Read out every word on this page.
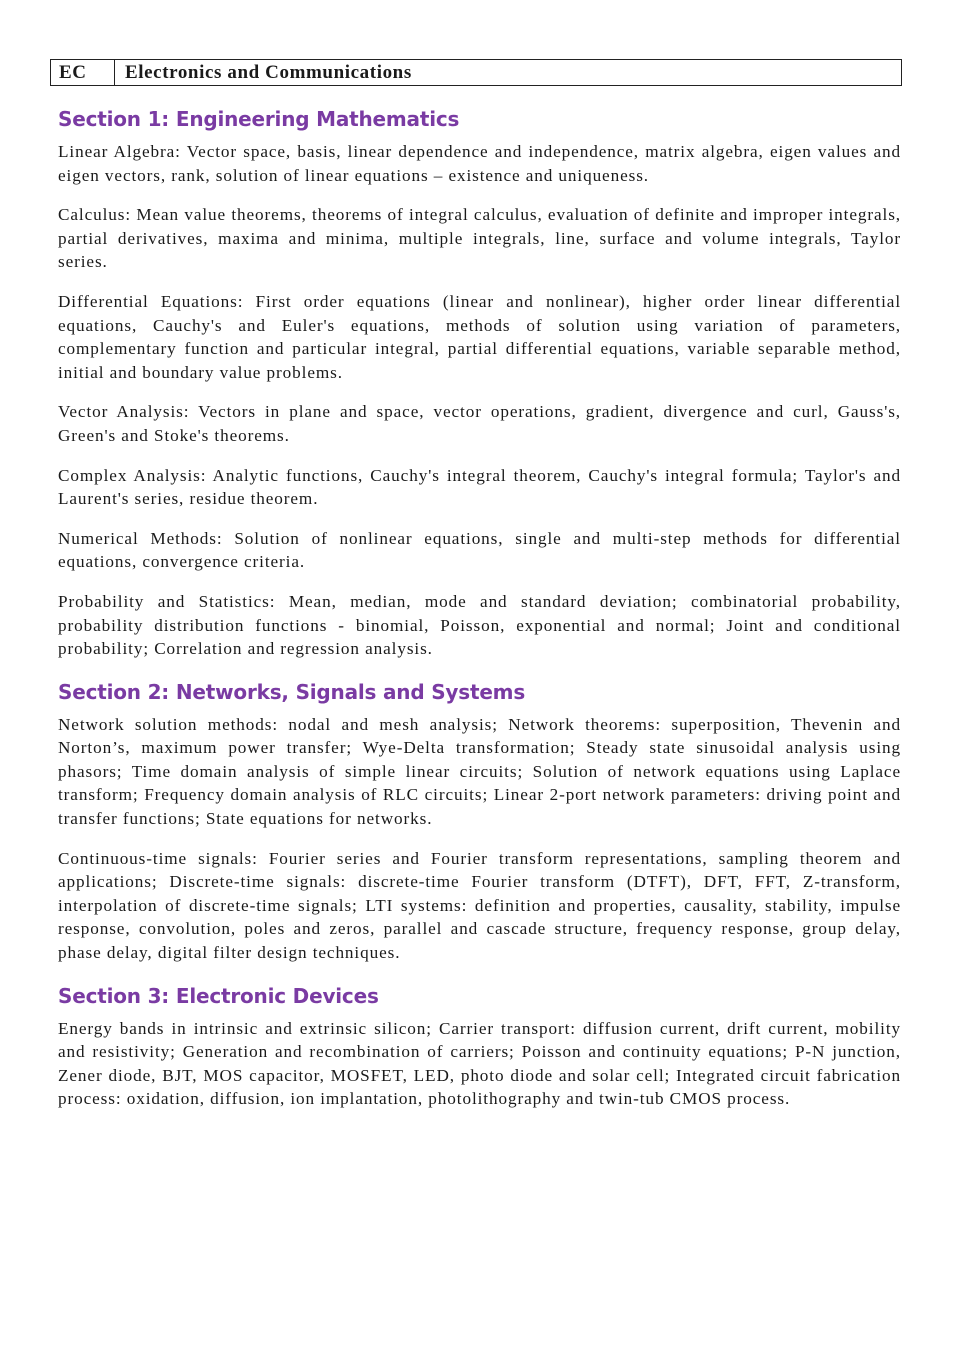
EC	Electronics and Communications
Section 1: Engineering Mathematics

Linear Algebra: Vector space, basis, linear dependence and independence, matrix algebra, eigen values and eigen vectors, rank, solution of linear equations – existence and uniqueness.

Calculus: Mean value theorems, theorems of integral calculus, evaluation of definite and improper integrals, partial derivatives, maxima and minima, multiple integrals, line, surface and volume integrals, Taylor series.

Differential Equations: First order equations (linear and nonlinear), higher order linear differential equations, Cauchy's and Euler's equations, methods of solution using variation of parameters, complementary function and particular integral, partial differential equations, variable separable method, initial and boundary value problems.

Vector Analysis: Vectors in plane and space, vector operations, gradient, divergence and curl, Gauss's, Green's and Stoke's theorems.

Complex Analysis: Analytic functions, Cauchy's integral theorem, Cauchy's integral formula; Taylor's and Laurent's series, residue theorem.

Numerical Methods: Solution of nonlinear equations, single and multi-step methods for differential equations, convergence criteria.

Probability and Statistics: Mean, median, mode and standard deviation; combinatorial probability, probability distribution functions - binomial, Poisson, exponential and normal; Joint and conditional probability; Correlation and regression analysis.

Section 2: Networks, Signals and Systems

Network solution methods: nodal and mesh analysis; Network theorems: superposition, Thevenin and Norton’s, maximum power transfer; Wye-Delta transformation; Steady state sinusoidal analysis using phasors; Time domain analysis of simple linear circuits; Solution of network equations using Laplace transform; Frequency domain analysis of RLC circuits; Linear 2-port network parameters: driving point and transfer functions; State equations for networks.

Continuous-time signals: Fourier series and Fourier transform representations, sampling theorem and applications; Discrete-time signals: discrete-time Fourier transform (DTFT), DFT, FFT, Z-transform, interpolation of discrete-time signals; LTI systems: definition and properties, causality, stability, impulse response, convolution, poles and zeros, parallel and cascade structure, frequency response, group delay, phase delay, digital filter design techniques.

Section 3: Electronic Devices

Energy bands in intrinsic and extrinsic silicon; Carrier transport: diffusion current, drift current, mobility and resistivity; Generation and recombination of carriers; Poisson and continuity equations; P-N junction, Zener diode, BJT, MOS capacitor, MOSFET, LED, photo diode and solar cell; Integrated circuit fabrication process: oxidation, diffusion, ion implantation, photolithography and twin-tub CMOS process.
